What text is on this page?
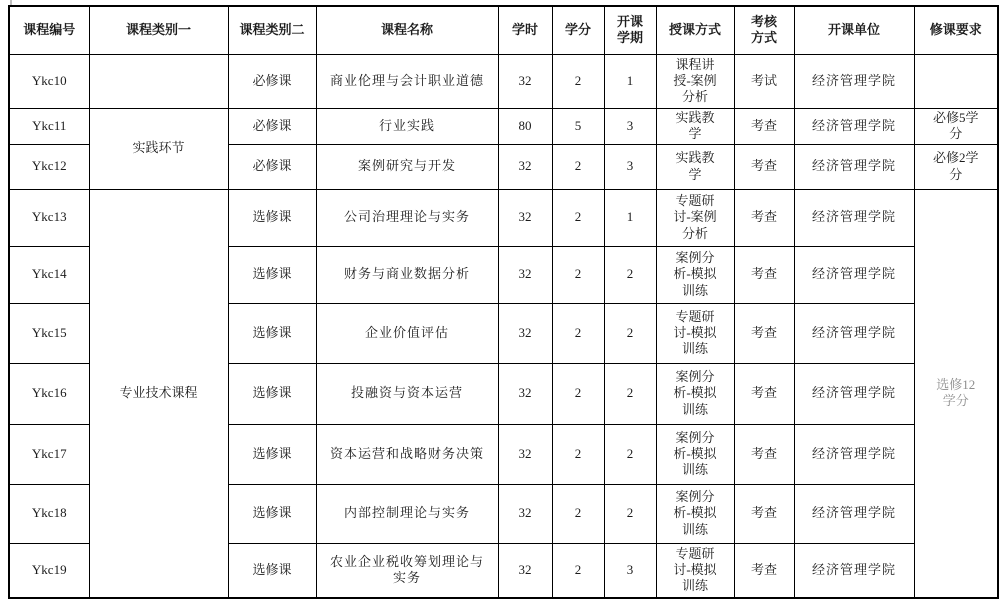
课程编号	课程类别一	课程类别二	课程名称	学时	学分	开课学期	授课方式	考核方式	开课单位	修课要求
Ykc10		必修课	商业伦理与会计职业道德	32	2	1	课程讲授-案例分析	考试	经济管理学院	
Ykc11	实践环节	必修课	行业实践	80	5	3	实践教学	考查	经济管理学院	必修5学分

Ykc12		必修课	案例研究与开发	32	2	3	实践教学	考查	经济管理学院	必修2学分

Ykc13	专业技术课程	选修课	公司治理理论与实务	32	2	1	专题研讨-案例分析	考查	经济管理学院	选修12学分

Ykc14		选修课	财务与商业数据分析	32	2	2	案例分析-模拟训练	考查	经济管理学院	
Ykc15		选修课	企业价值评估	32	2	2	专题研讨-模拟训练	考查	经济管理学院	
Ykc16		选修课	投融资与资本运营	32	2	2	案例分析-模拟训练	考查	经济管理学院	
Ykc17		选修课	资本运营和战略财务决策	32	2	2	案例分析-模拟训练	考查	经济管理学院	
Ykc18		选修课	内部控制理论与实务	32	2	2	案例分析-模拟训练	考查	经济管理学院	
Ykc19		选修课	农业企业税收筹划理论与实务	32	2	3	专题研讨-模拟训练	考查	经济管理学院	
